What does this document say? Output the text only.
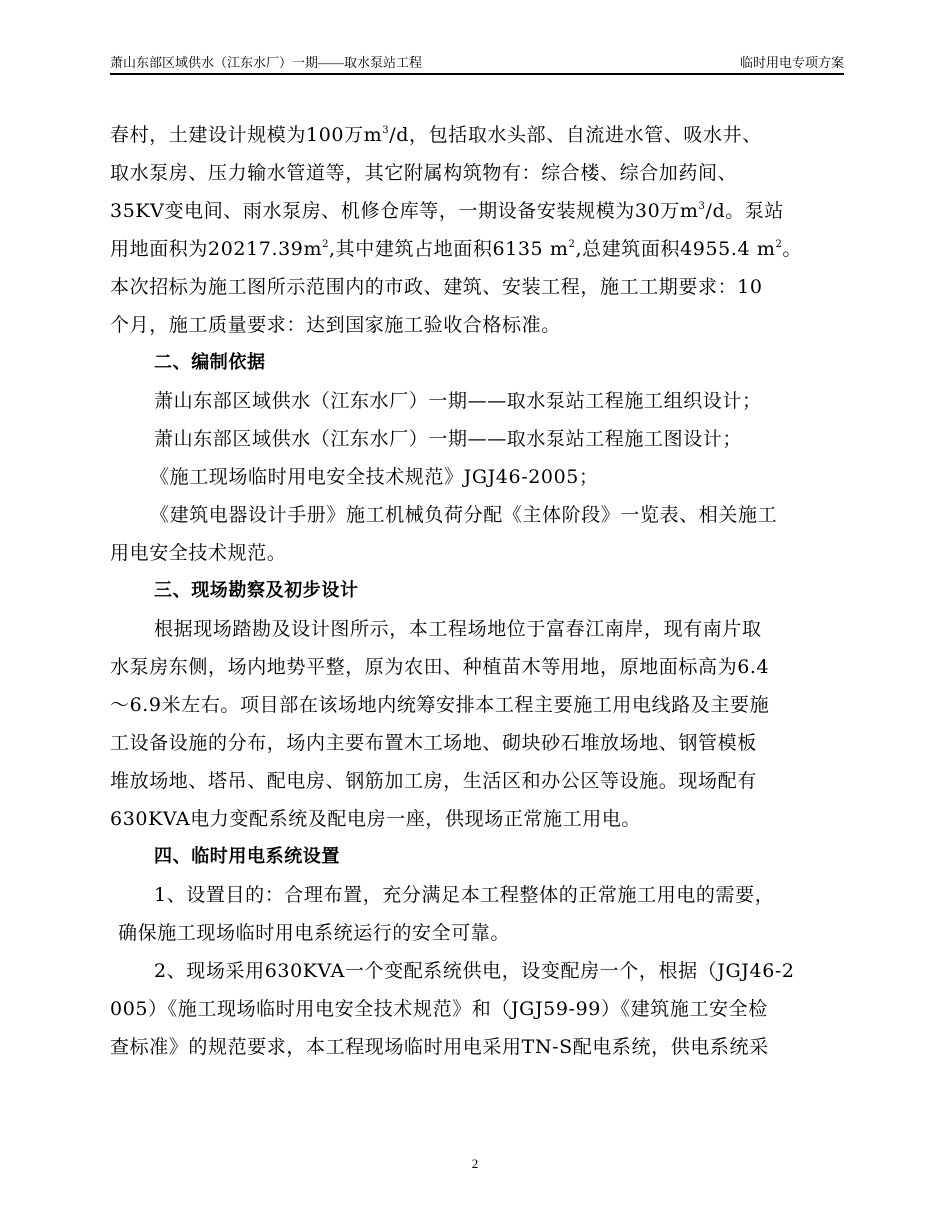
萧山东部区域供水（江东水厂）一期——取水泵站工程	临时用电专项方案
春村，土建设计规模为100万$m^3/d$，包括取水头部、自流进水管、吸水井、
取水泵房、压力输水管道等，其它附属构筑物有：综合楼、综合加药间、
35KV变电间、雨水泵房、机修仓库等，一期设备安装规模为30万$m^3/d$。泵站
用地面积为$20217.39m^2$,其中建筑占地面积6135 $m^2$,总建筑面积4955.4 $m^2$。
本次招标为施工图所示范围内的市政、建筑、安装工程，施工工期要求：10
个月，施工质量要求：达到国家施工验收合格标准。
二、编制依据
萧山东部区域供水（江东水厂）一期——取水泵站工程施工组织设计；
萧山东部区域供水（江东水厂）一期——取水泵站工程施工图设计；
《施工现场临时用电安全技术规范》JGJ46-2005；
《建筑电器设计手册》施工机械负荷分配《主体阶段》一览表、相关施工
用电安全技术规范。
三、现场勘察及初步设计
根据现场踏勘及设计图所示，本工程场地位于富春江南岸，现有南片取
水泵房东侧，场内地势平整，原为农田、种植苗木等用地，原地面标高为6.4
～6.9米左右。项目部在该场地内统筹安排本工程主要施工用电线路及主要施
工设备设施的分布，场内主要布置木工场地、砌块砂石堆放场地、钢管模板
堆放场地、塔吊、配电房、钢筋加工房，生活区和办公区等设施。现场配有
630KVA电力变配系统及配电房一座，供现场正常施工用电。
四、临时用电系统设置
1、设置目的：合理布置，充分满足本工程整体的正常施工用电的需要，
确保施工现场临时用电系统运行的安全可靠。
2、现场采用630KVA一个变配系统供电，设变配房一个，根据（JGJ46-2
005）《施工现场临时用电安全技术规范》和（JGJ59-99）《建筑施工安全检
查标准》的规范要求，本工程现场临时用电采用TN-S配电系统，供电系统采
2
